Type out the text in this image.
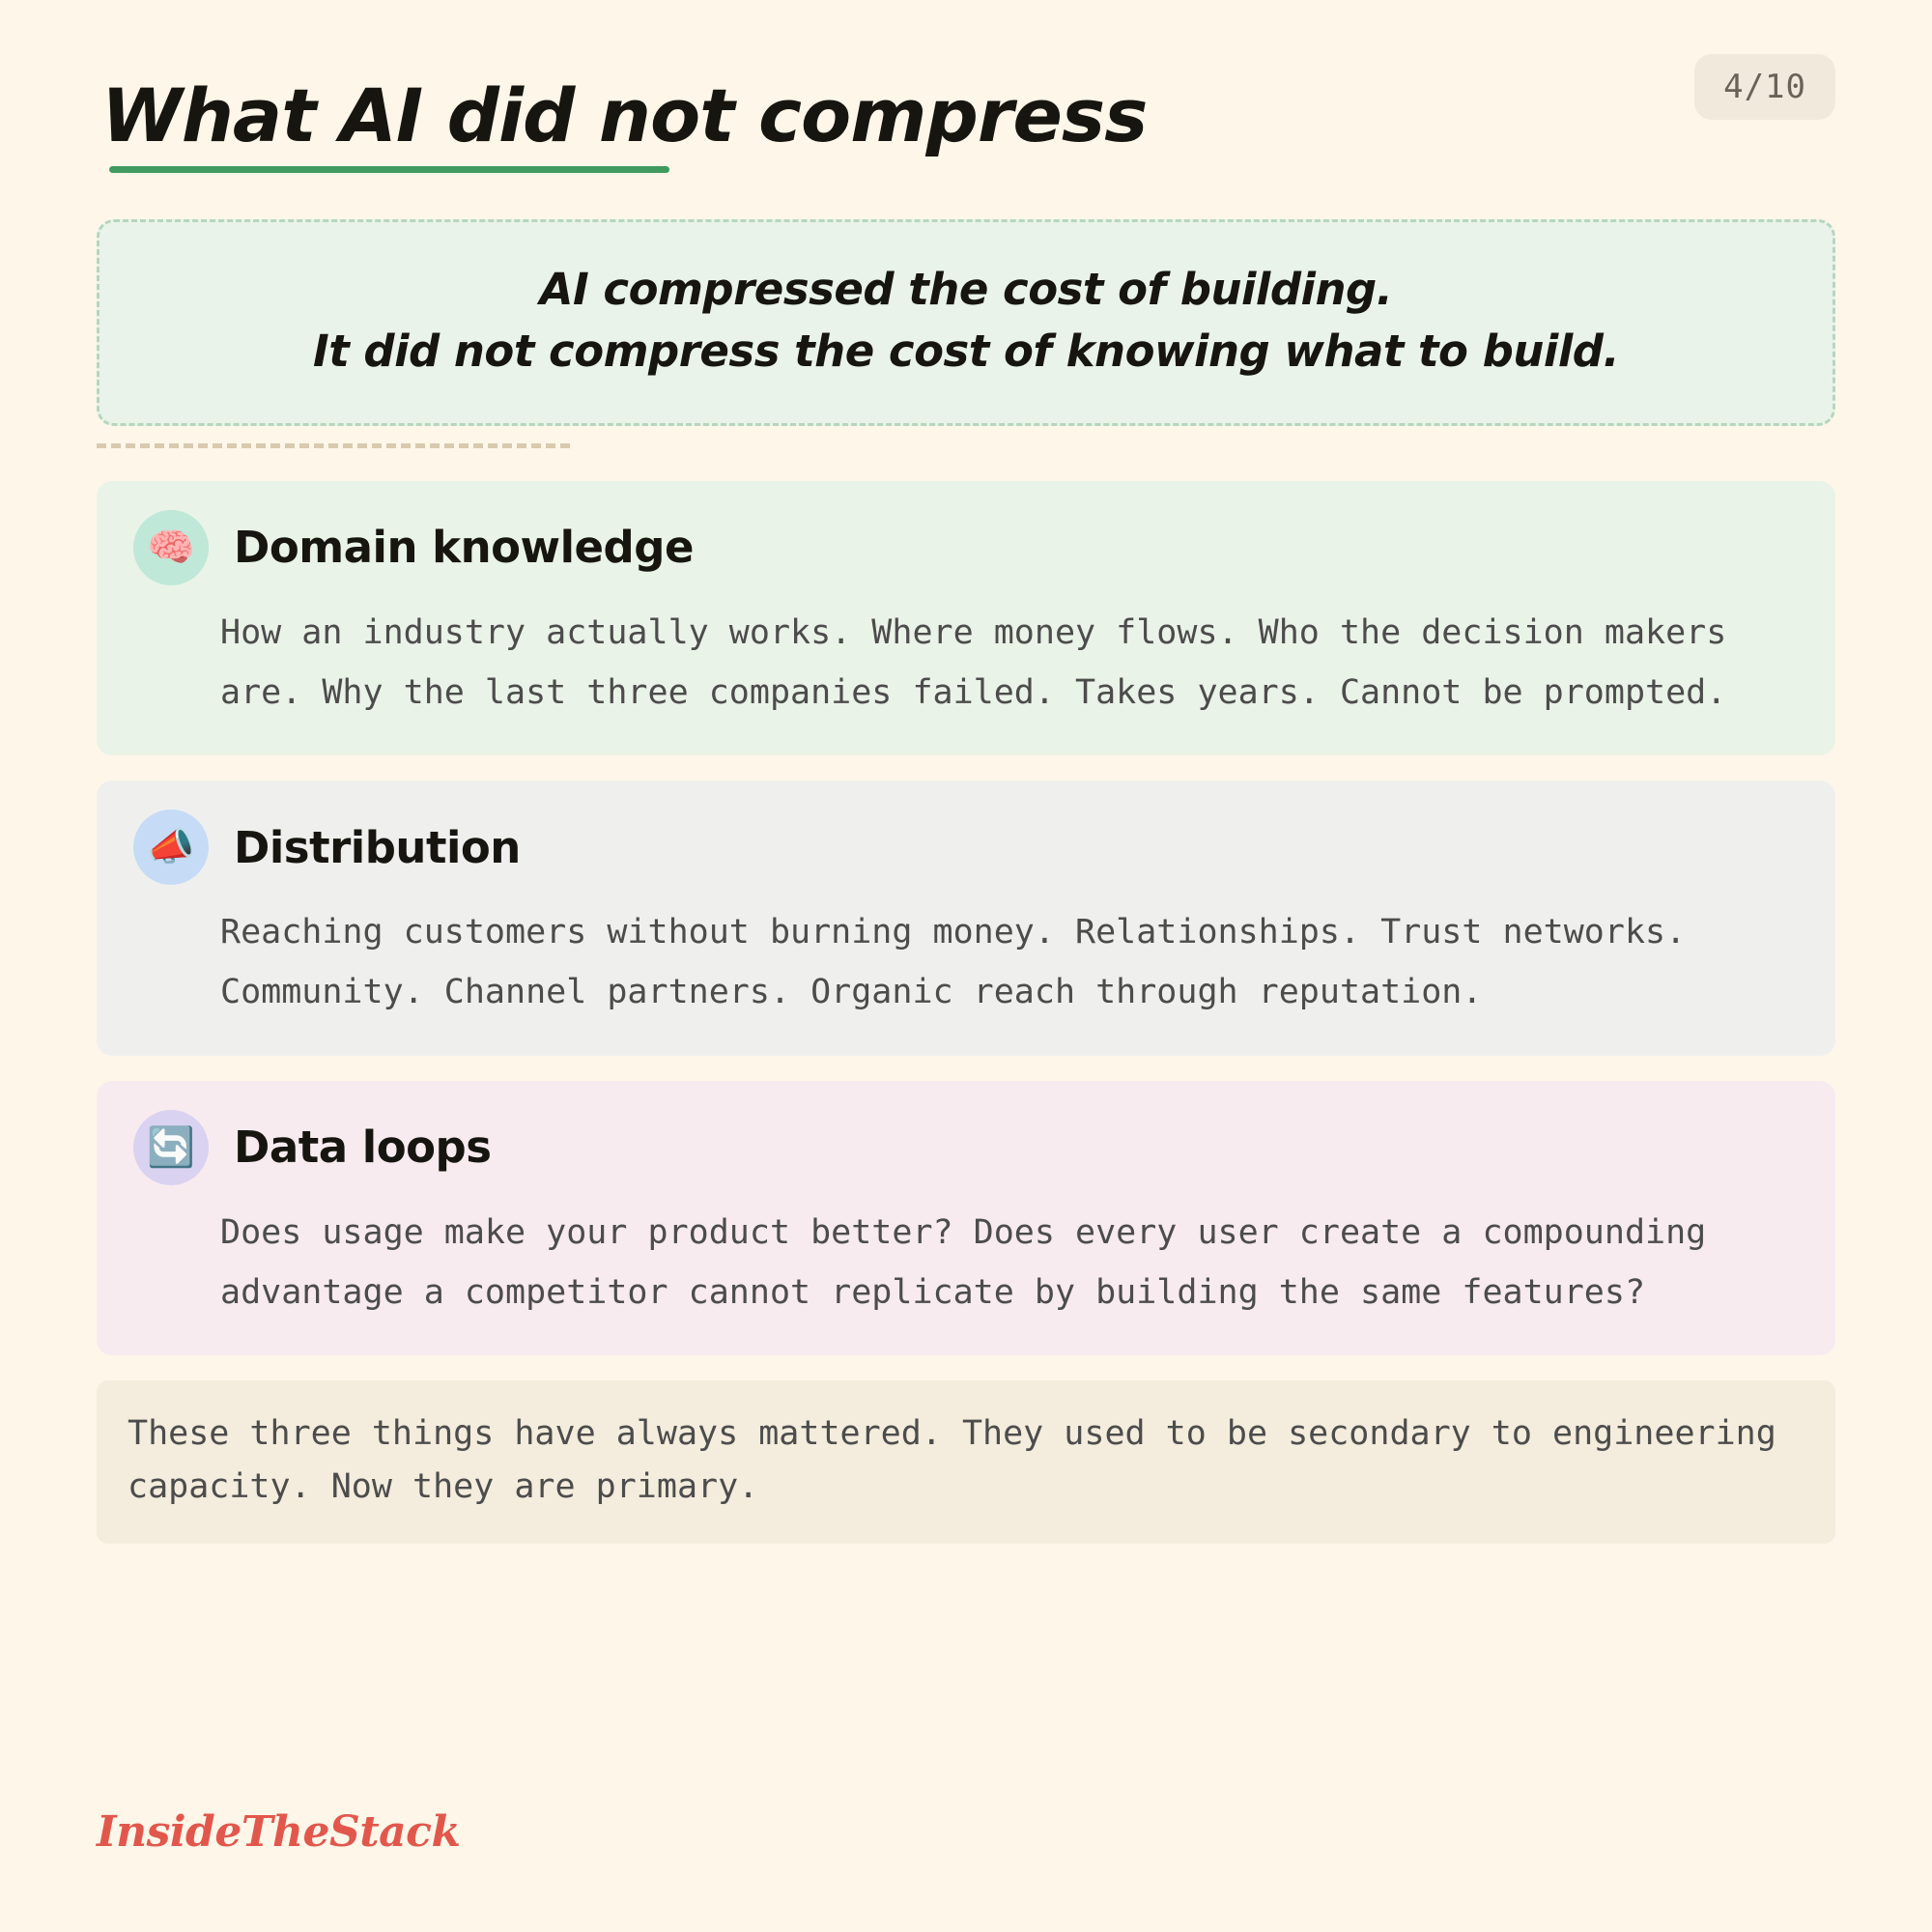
4/10
What AI did not compress
AI compressed the cost of building.
It did not compress the cost of knowing what to build.
🧠 Domain knowledge
How an industry actually works. Where money flows. Who the decision makers are. Why the last three companies failed. Takes years. Cannot be prompted.
📣 Distribution
Reaching customers without burning money. Relationships. Trust networks. Community. Channel partners. Organic reach through reputation.
🔄 Data loops
Does usage make your product better? Does every user create a compounding advantage a competitor cannot replicate by building the same features?
These three things have always mattered. They used to be secondary to engineering capacity. Now they are primary.
InsideTheStack
